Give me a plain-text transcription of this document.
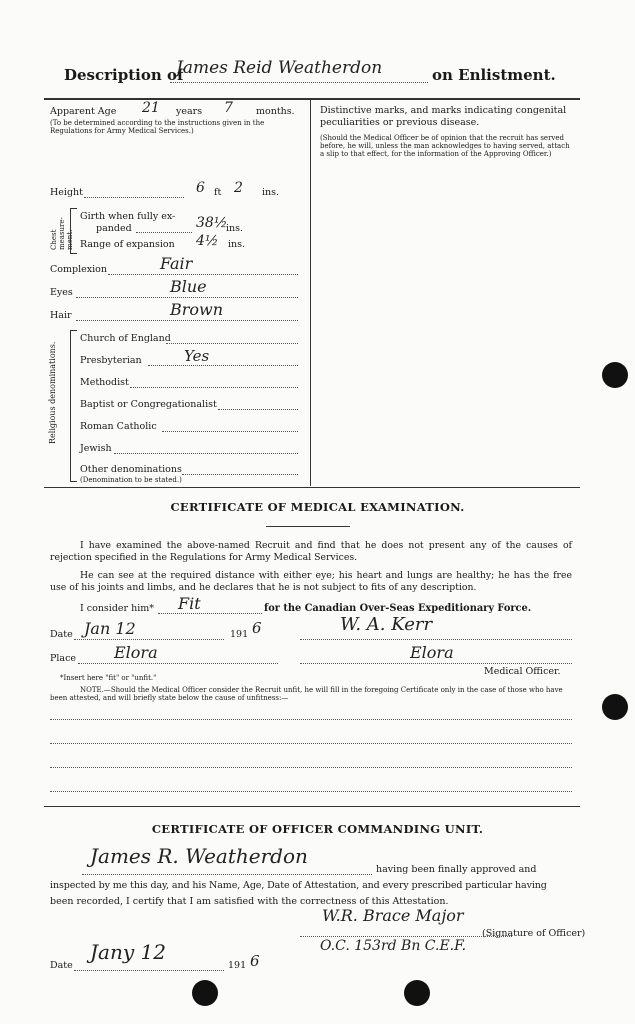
Description of
James Reid Weatherdon	on Enlistment.
Apparent Age 21 years 7 months.
(To be determined according to the instructions given in the Regulations for Army Medical Services.)
Height	6 ft 2 ins.
Chest measure-ment.
Girth when fully ex-
panded	38½
ins.
Range of expansion 4½ ins.
Complexion	Fair
Eyes	Blue
Hair	Brown
Religious denominations.
Church of England
Presbyterian	Yes
Methodist
Baptist or Congregationalist
Roman Catholic
Jewish
Other denominations
(Denomination to be stated.)
Distinctive marks, and marks indicating congenital peculiarities or previous disease.
(Should the Medical Officer be of opinion that the recruit has served before, he will, unless the man acknowledges to having served, attach a slip to that effect, for the information of the Approving Officer.)
CERTIFICATE OF MEDICAL EXAMINATION.
I have examined the above-named Recruit and find that he does not present any of the causes of rejection specified in the Regulations for Army Medical Services.
He can see at the required distance with either eye; his heart and lungs are healthy; he has the free use of his joints and limbs, and he declares that he is not subject to fits of any description.
I consider him* Fit	for the Canadian Over-Seas Expeditionary Force.
Date Jan 12	191 6	W. A. Kerr
Place Elora	Elora
Medical Officer.
*Insert here "fit" or "unfit."
NOTE.—Should the Medical Officer consider the Recruit unfit, he will fill in the foregoing Certificate only in the case of those who have been attested, and will briefly state below the cause of unfitness:—
CERTIFICATE OF OFFICER COMMANDING UNIT.
James R. Weatherdon
having been finally approved and
inspected by me this day, and his Name, Age, Date of Attestation, and every prescribed particular having
been recorded, I certify that I am satisfied with the correctness of this Attestation.
W.R. Brace Major
(Signature of Officer)
O.C. 153rd Bn C.E.F.
Date
Jany 12
191 6
